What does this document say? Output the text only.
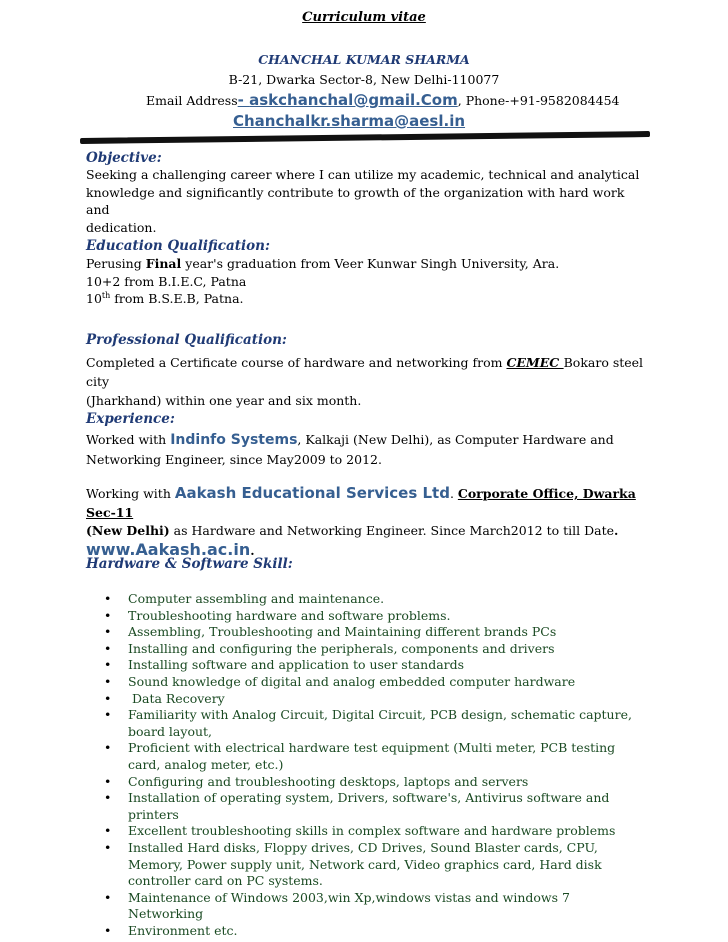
Curriculum vitae
CHANCHAL KUMAR SHARMA
B-21, Dwarka Sector-8, New Delhi-110077
Email Address- askchanchal@gmail.Com, Phone-+91-9582084454
Chanchalkr.sharma@aesl.in
Objective:
Seeking a challenging career where I can utilize my academic, technical and analytical
knowledge and significantly contribute to growth of the organization with hard work and
dedication.
Education Qualification:
Perusing Final year's graduation from Veer Kunwar Singh University, Ara.
10+2 from B.I.E.C, Patna
10th from B.S.E.B, Patna.
Professional Qualification:
Completed a Certificate course of hardware and networking from CEMEC Bokaro steel city
(Jharkhand) within one year and six month.
Experience:
Worked with Indinfo Systems, Kalkaji (New Delhi), as Computer Hardware and
Networking Engineer, since May2009 to 2012.
Working with Aakash Educational Services Ltd. Corporate Office, Dwarka Sec-11
(New Delhi) as Hardware and Networking Engineer. Since March2012 to till Date.
www.Aakash.ac.in.
Hardware & Software Skill:
• Computer assembling and maintenance.
• Troubleshooting hardware and software problems.
• Assembling, Troubleshooting and Maintaining different brands PCs
• Installing and configuring the peripherals, components and drivers
• Installing software and application to user standards
• Sound knowledge of digital and analog embedded computer hardware
• Data Recovery
• Familiarity with Analog Circuit, Digital Circuit, PCB design, schematic capture, board layout,
• Proficient with electrical hardware test equipment (Multi meter, PCB testing card, analog meter, etc.)
• Configuring and troubleshooting desktops, laptops and servers
• Installation of operating system, Drivers, software's, Antivirus software and printers
• Excellent troubleshooting skills in complex software and hardware problems
• Installed Hard disks, Floppy drives, CD Drives, Sound Blaster cards, CPU, Memory, Power supply unit, Network card, Video graphics card, Hard disk controller card on PC systems.
• Maintenance of Windows 2003,win Xp,windows vistas and windows 7 Networking
• Environment etc.
